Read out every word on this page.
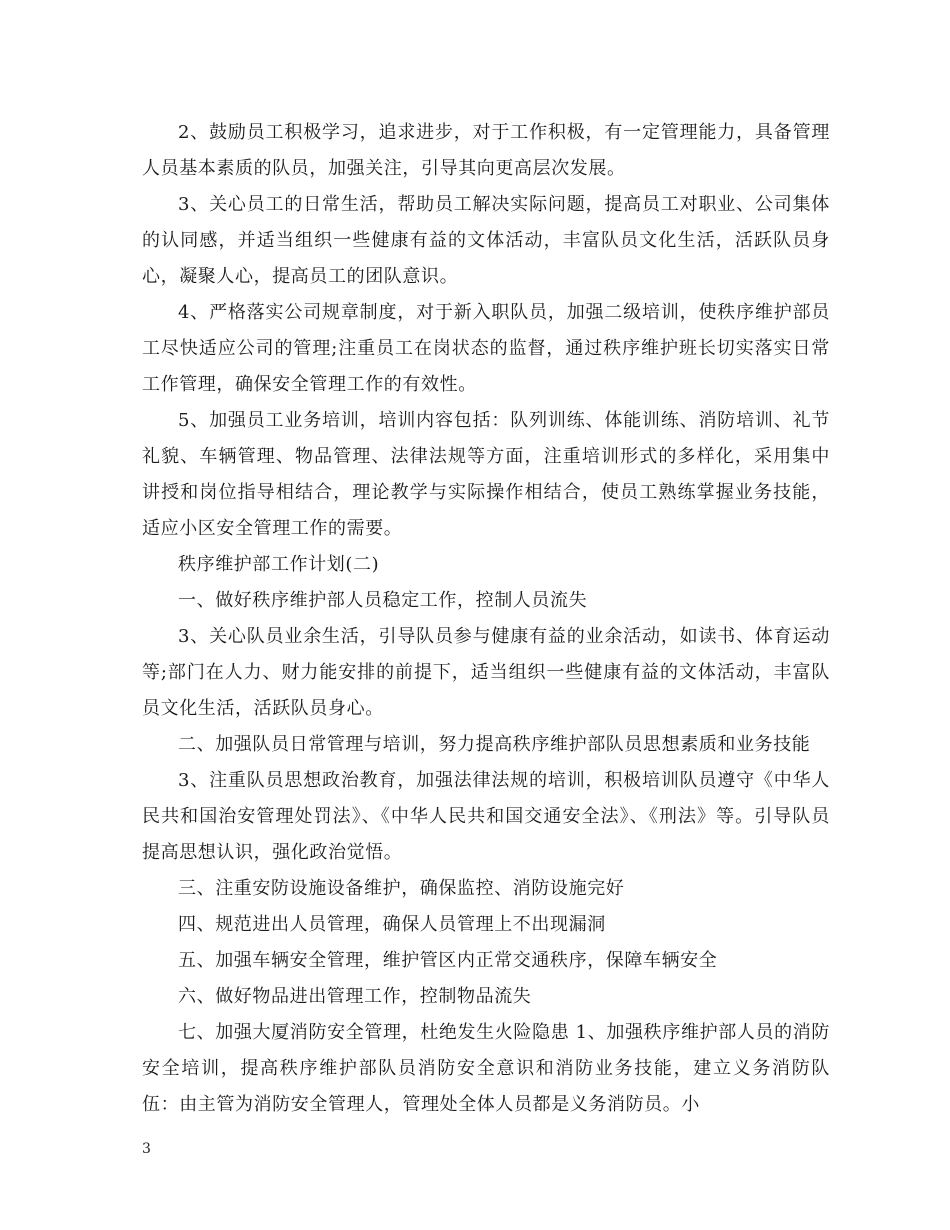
2、鼓励员工积极学习，追求进步，对于工作积极，有一定管理能力，具备管理人员基本素质的队员，加强关注，引导其向更高层次发展。

3、关心员工的日常生活，帮助员工解决实际问题，提高员工对职业、公司集体的认同感，并适当组织一些健康有益的文体活动，丰富队员文化生活，活跃队员身心，凝聚人心，提高员工的团队意识。

4、严格落实公司规章制度，对于新入职队员，加强二级培训，使秩序维护部员工尽快适应公司的管理;注重员工在岗状态的监督，通过秩序维护班长切实落实日常工作管理，确保安全管理工作的有效性。

5、加强员工业务培训，培训内容包括：队列训练、体能训练、消防培训、礼节礼貌、车辆管理、物品管理、法律法规等方面，注重培训形式的多样化，采用集中讲授和岗位指导相结合，理论教学与实际操作相结合，使员工熟练掌握业务技能，适应小区安全管理工作的需要。

秩序维护部工作计划(二)

一、做好秩序维护部人员稳定工作，控制人员流失

3、关心队员业余生活，引导队员参与健康有益的业余活动，如读书、体育运动等;部门在人力、财力能安排的前提下，适当组织一些健康有益的文体活动，丰富队员文化生活，活跃队员身心。

二、加强队员日常管理与培训，努力提高秩序维护部队员思想素质和业务技能

3、注重队员思想政治教育，加强法律法规的培训，积极培训队员遵守《中华人民共和国治安管理处罚法》、《中华人民共和国交通安全法》、《刑法》等。引导队员提高思想认识，强化政治觉悟。

三、注重安防设施设备维护，确保监控、消防设施完好

四、规范进出人员管理，确保人员管理上不出现漏洞

五、加强车辆安全管理，维护管区内正常交通秩序，保障车辆安全

六、做好物品进出管理工作，控制物品流失

七、加强大厦消防安全管理，杜绝发生火险隐患 1、加强秩序维护部人员的消防安全培训，提高秩序维护部队员消防安全意识和消防业务技能，建立义务消防队伍：由主管为消防安全管理人，管理处全体人员都是义务消防员。小

3
